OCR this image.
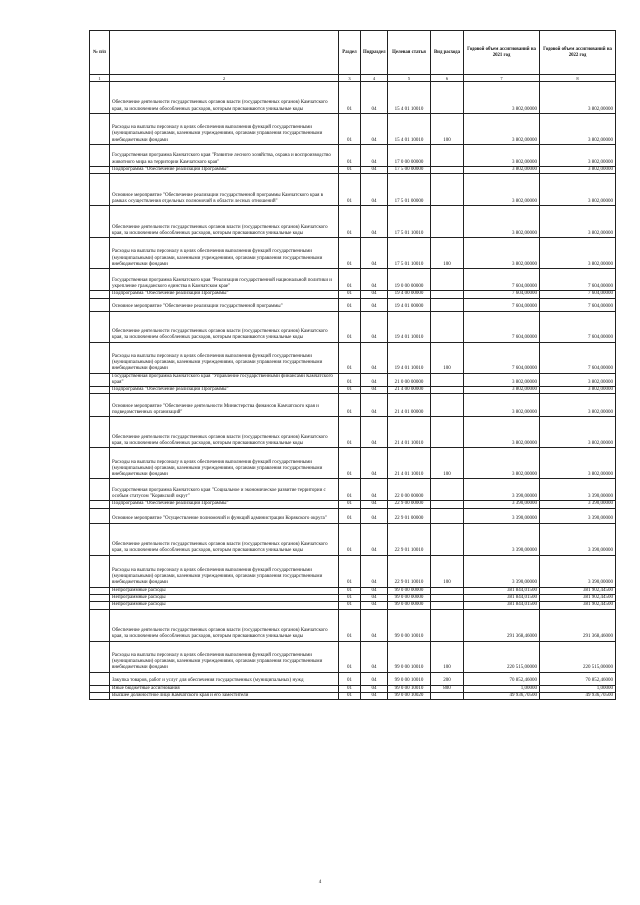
№ п/п		Раздел	Подраздел	Целевая статья	Вид расхода	Годовой объем ассигнований на 2021 год	Годовой объем ассигнований на 2022 год
1	2	3	4	5	6	7	8
	Обеспечение деятельности государственных органов власти (государственных органов) Камчатского края, за исключением обособленных расходов, которым присваиваются уникальные коды	01	04	15 4 01 10010		3 802,00000	3 802,00000
	Расходы на выплаты персоналу в целях обеспечения выполнения функций государственными (муниципальными) органами, казенными учреждениями, органами управления государственными внебюджетными фондами	01	04	15 4 01 10010	100	3 802,00000	3 802,00000
	Государственная программа Камчатского края "Развитие лесного хозяйства, охрана и воспроизводство животного мира на территории Камчатского края"	01	04	17 0 00 00000		3 802,00000	3 802,00000
	Подпрограмма "Обеспечение реализации Программы"	01	04	17 5 00 00000		3 802,00000	3 802,00000
	Основное мероприятие "Обеспечение реализации государственной программы Камчатского края в рамках осуществления отдельных полномочий в области лесных отношений"	01	04	17 5 01 00000		3 802,00000	3 802,00000
	Обеспечение деятельности государственных органов власти (государственных органов) Камчатского края, за исключением обособленных расходов, которым присваиваются уникальные коды	01	04	17 5 01 10010		3 802,00000	3 802,00000
	Расходы на выплаты персоналу в целях обеспечения выполнения функций государственными (муниципальными) органами, казенными учреждениями, органами управления государственными внебюджетными фондами	01	04	17 5 01 10010	100	3 802,00000	3 802,00000
	Государственная программа Камчатского края "Реализация государственной национальной политики и укрепление гражданского единства в Камчатском крае"	01	04	19 0 00 00000		7 604,00000	7 604,00000
	Подпрограмма "Обеспечение реализации Программы"	01	04	19 4 00 00000		7 604,00000	7 604,00000
	Основное мероприятие "Обеспечение реализации государственной программы"	01	04	19 4 01 00000		7 604,00000	7 604,00000
	Обеспечение деятельности государственных органов власти (государственных органов) Камчатского края, за исключением обособленных расходов, которым присваиваются уникальные коды	01	04	19 4 01 10010		7 604,00000	7 604,00000
	Расходы на выплаты персоналу в целях обеспечения выполнения функций государственными (муниципальными) органами, казенными учреждениями, органами управления государственными внебюджетными фондами	01	04	19 4 01 10010	100	7 604,00000	7 604,00000
	Государственная программа Камчатского края "Управление государственными финансами Камчатского края"	01	04	21 0 00 00000		3 802,00000	3 802,00000
	Подпрограмма "Обеспечение реализации Программы"	01	04	21 4 00 00000		3 802,00000	3 802,00000
	Основное мероприятие "Обеспечение деятельности Министерства финансов Камчатского края и подведомственных организаций"	01	04	21 4 01 00000		3 802,00000	3 802,00000
	Обеспечение деятельности государственных органов власти (государственных органов) Камчатского края, за исключением обособленных расходов, которым присваиваются уникальные коды	01	04	21 4 01 10010		3 802,00000	3 802,00000
	Расходы на выплаты персоналу в целях обеспечения выполнения функций государственными (муниципальными) органами, казенными учреждениями, органами управления государственными внебюджетными фондами	01	04	21 4 01 10010	100	3 802,00000	3 802,00000
	Государственная программа Камчатского края "Социальное и экономическое развитие территории с особым статусом "Корякский округ"	01	04	22 0 00 00000		3 390,00000	3 390,00000
	Подпрограмма "Обеспечение реализации Программы"	01	04	22 9 00 00000		3 390,00000	3 390,00000
	Основное мероприятие "Осуществление полномочий и функций администрации Корякского округа"	01	04	22 9 01 00000		3 390,00000	3 390,00000
	Обеспечение деятельности государственных органов власти (государственных органов) Камчатского края, за исключением обособленных расходов, которым присваиваются уникальные коды	01	04	22 9 01 10010		3 390,00000	3 390,00000
	Расходы на выплаты персоналу в целях обеспечения выполнения функций государственными (муниципальными) органами, казенными учреждениями, органами управления государственными внебюджетными фондами	01	04	22 9 01 10010	100	3 390,00000	3 390,00000
	Непрограммные расходы	01	04	99 0 00 00000		381 844,01500	381 902,44500
	Непрограммные расходы	01	04	99 0 00 00000		381 844,01500	381 902,44500
	Непрограммные расходы	01	04	99 0 00 00000		381 844,01500	381 902,44500
	Обеспечение деятельности государственных органов власти (государственных органов) Камчатского края, за исключением обособленных расходов, которым присваиваются уникальные коды	01	04	99 0 00 10010		291 368,46000	291 368,46000
	Расходы на выплаты персоналу в целях обеспечения выполнения функций государственными (муниципальными) органами, казенными учреждениями, органами управления государственными внебюджетными фондами	01	04	99 0 00 10010	100	220 515,00000	220 515,00000
	Закупка товаров, работ и услуг для обеспечения государственных (муниципальных) нужд	01	04	99 0 00 10010	200	70 852,46000	70 852,46000
	Иные бюджетные ассигнования	01	04	99 0 00 10010	800	1,00000	1,00000
	Высшее должностное лицо Камчатского края и его заместители	01	04	99 0 00 10020		49 936,70500	49 936,70500
4
